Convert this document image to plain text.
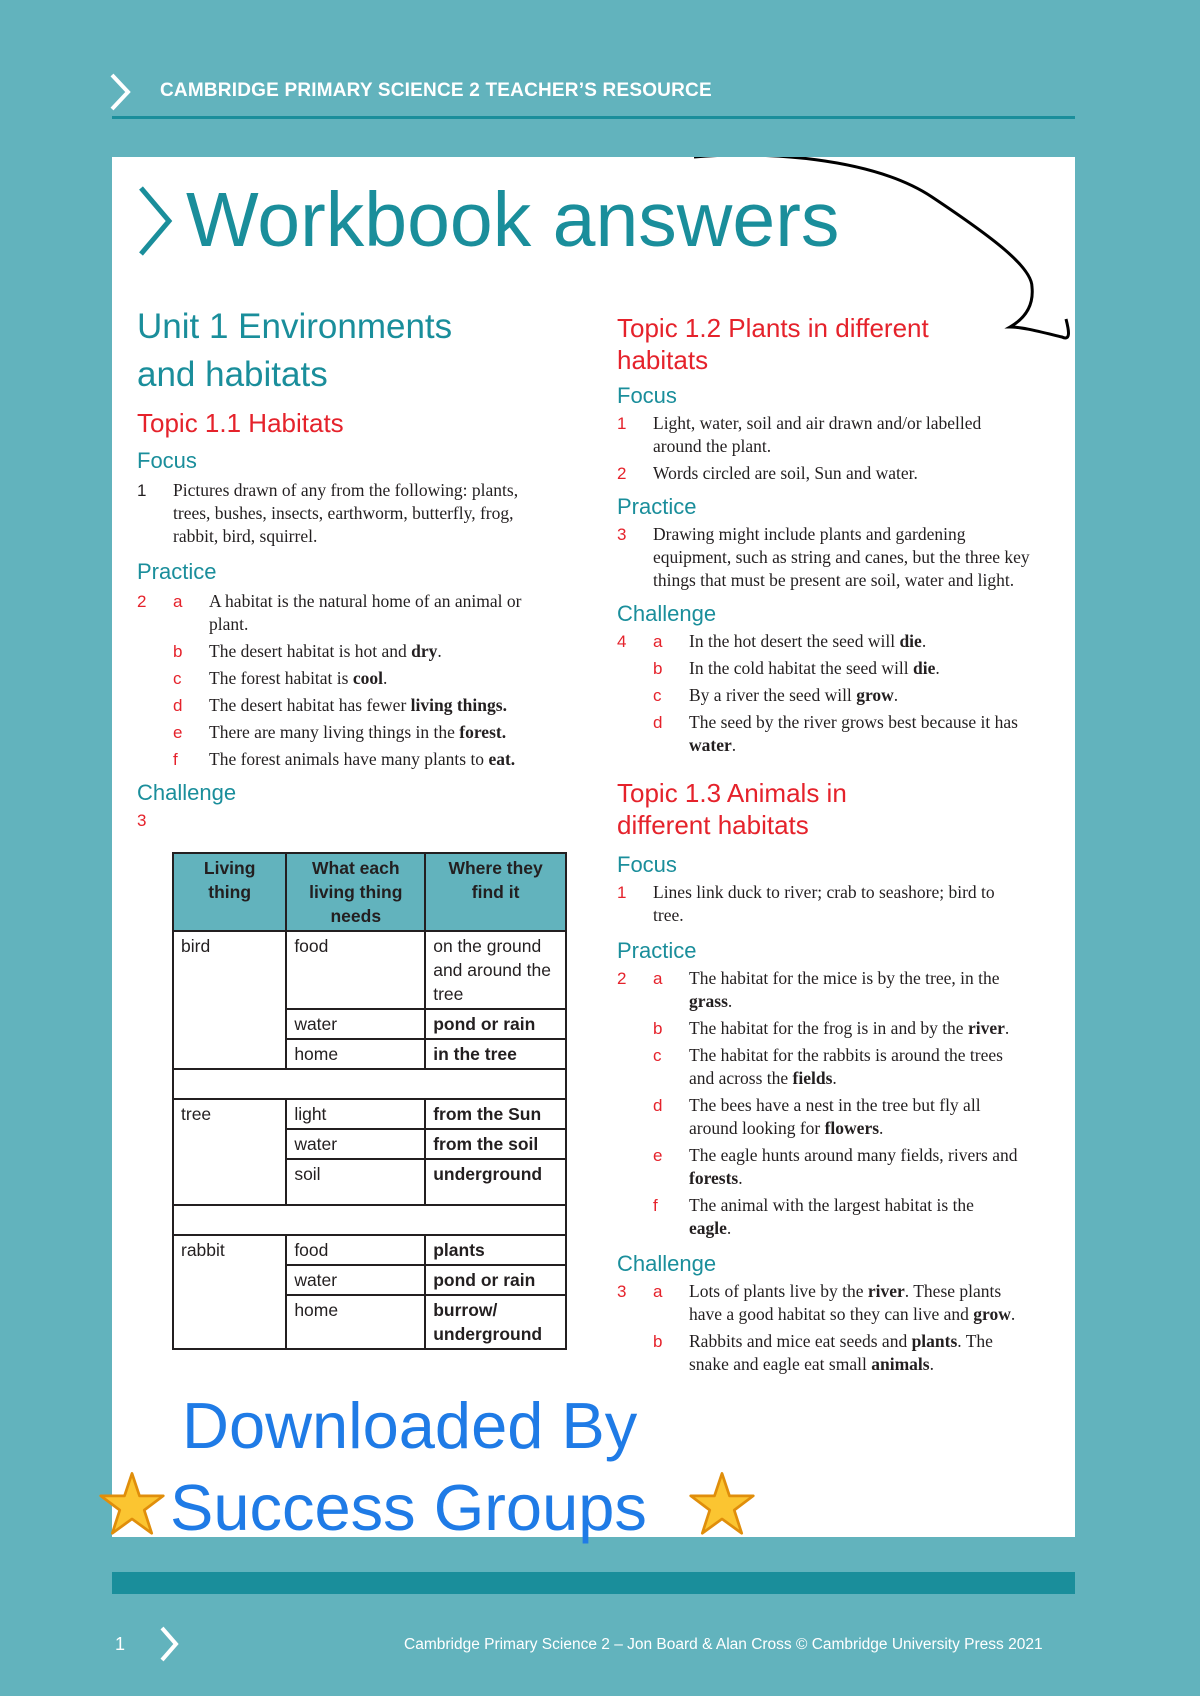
CAMBRIDGE PRIMARY SCIENCE 2 TEACHER’S RESOURCE
Workbook answers
Unit 1 Environments
and habitats
Topic 1.1 Habitats
Focus
1	Pictures drawn of any from the following: plants, trees, bushes, insects, earthworm, butterfly, frog, rabbit, bird, squirrel.
Practice
2	a	A habitat is the natural home of an animal or plant.
b	The desert habitat is hot and dry.
c	The forest habitat is cool.
d	The desert habitat has fewer living things.
e	There are many living things in the forest.
f	The forest animals have many plants to eat.
Challenge
3
Topic 1.2 Plants in different
habitats
Focus
1	Light, water, soil and air drawn and/or labelled around the plant.
2	Words circled are soil, Sun and water.
Practice
3	Drawing might include plants and gardening equipment, such as string and canes, but the three key things that must be present are soil, water and light.
Challenge
4	a	In the hot desert the seed will die.
b	In the cold habitat the seed will die.
c	By a river the seed will grow.
d	The seed by the river grows best because it has water.
Topic 1.3 Animals in
different habitats
Focus
1	Lines link duck to river; crab to seashore; bird to tree.
Practice
2	a	The habitat for the mice is by the tree, in the grass.
b	The habitat for the frog is in and by the river.
c	The habitat for the rabbits is around the trees and across the fields.
d	The bees have a nest in the tree but fly all around looking for flowers.
e	The eagle hunts around many fields, rivers and forests.
f	The animal with the largest habitat is the eagle.
Challenge
3	a	Lots of plants live by the river. These plants have a good habitat so they can live and grow.
b	Rabbits and mice eat seeds and plants. The snake and eagle eat small animals.
Living thing	What each living thing needs	Where they find it
bird	food	on the ground and around the tree
	water	pond or rain
	home	in the tree

tree	light	from the Sun
	water	from the soil
	soil	underground

rabbit	food	plants
	water	pond or rain
	home	burrow/ underground
Downloaded By
Success Groups
1	Cambridge Primary Science 2 – Jon Board & Alan Cross © Cambridge University Press 2021
